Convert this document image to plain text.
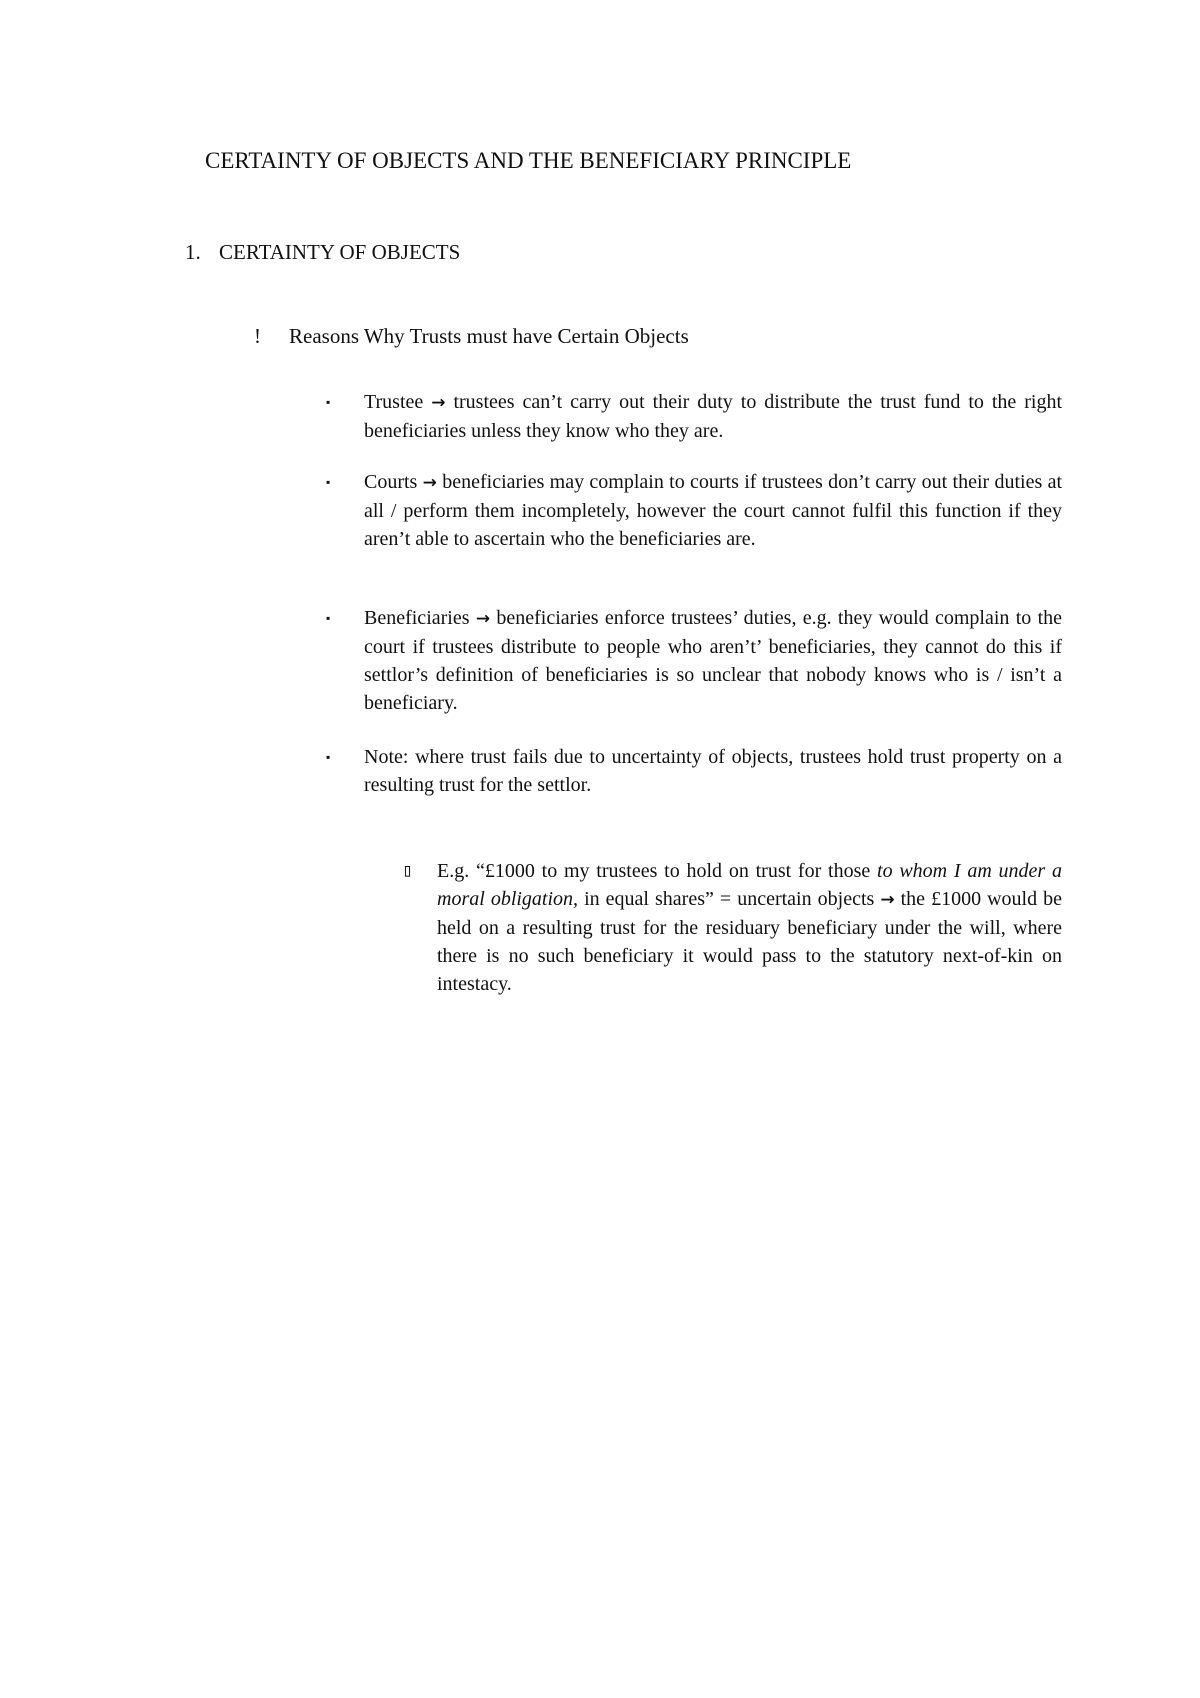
CERTAINTY OF OBJECTS AND THE BENEFICIARY PRINCIPLE
1. CERTAINTY OF OBJECTS
! Reasons Why Trusts must have Certain Objects
▪ Trustee → trustees can’t carry out their duty to distribute the trust fund to the right beneficiaries unless they know who they are.
▪ Courts → beneficiaries may complain to courts if trustees don’t carry out their duties at all / perform them incompletely, however the court cannot fulfil this function if they aren’t able to ascertain who the beneficiaries are.
▪ Beneficiaries → beneficiaries enforce trustees’ duties, e.g. they would complain to the court if trustees distribute to people who aren’t’ beneficiaries, they cannot do this if settlor’s definition of beneficiaries is so unclear that nobody knows who is / isn’t a beneficiary.
▪ Note: where trust fails due to uncertainty of objects, trustees hold trust property on a resulting trust for the settlor.
▯ E.g. “£1000 to my trustees to hold on trust for those to whom I am under a moral obligation, in equal shares” = uncertain objects → the £1000 would be held on a resulting trust for the residuary beneficiary under the will, where there is no such beneficiary it would pass to the statutory next-of-kin on intestacy.
